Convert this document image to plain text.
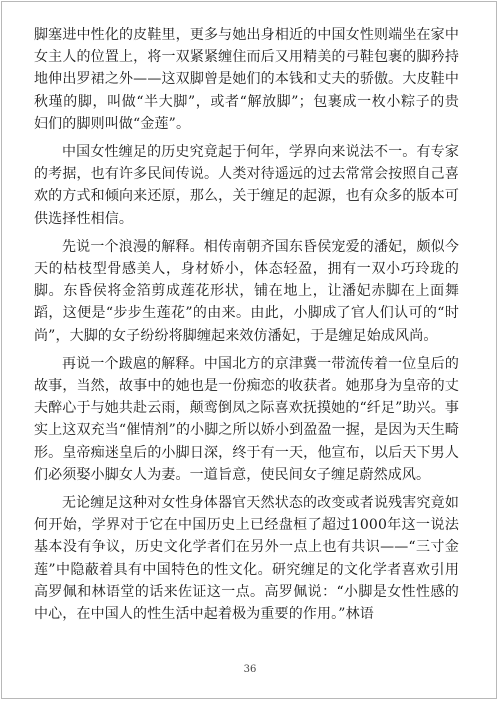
脚塞进中性化的皮鞋里，更多与她出身相近的中国女性则端坐在家中女主人的位置上，将一双紧紧缠住而后又用精美的弓鞋包裹的脚矜持地伸出罗裙之外——这双脚曾是她们的本钱和丈夫的骄傲。大皮鞋中秋瑾的脚，叫做“半大脚”，或者“解放脚”；包裹成一枚小粽子的贵妇们的脚则叫做“金莲”。

中国女性缠足的历史究竟起于何年，学界向来说法不一。有专家的考据，也有许多民间传说。人类对待遥远的过去常常会按照自己喜欢的方式和倾向来还原，那么，关于缠足的起源，也有众多的版本可供选择性相信。

先说一个浪漫的解释。相传南朝齐国东昏侯宠爱的潘妃，颇似今天的枯枝型骨感美人，身材娇小，体态轻盈，拥有一双小巧玲珑的脚。东昏侯将金箔剪成莲花形状，铺在地上，让潘妃赤脚在上面舞蹈，这便是“步步生莲花”的由来。由此，小脚成了官人们认可的“时尚”，大脚的女子纷纷将脚缠起来效仿潘妃，于是缠足始成风尚。

再说一个跋扈的解释。中国北方的京津冀一带流传着一位皇后的故事，当然，故事中的她也是一份痴恋的收获者。她那身为皇帝的丈夫醉心于与她共赴云雨，颠鸾倒凤之际喜欢抚摸她的“纤足”助兴。事实上这双充当“催情剂”的小脚之所以娇小到盈盈一握，是因为天生畸形。皇帝痴迷皇后的小脚日深，终于有一天，他宣布，以后天下男人们必须娶小脚女人为妻。一道旨意，使民间女子缠足蔚然成风。

无论缠足这种对女性身体器官天然状态的改变或者说残害究竟如何开始，学界对于它在中国历史上已经盘桓了超过1000年这一说法基本没有争议，历史文化学者们在另外一点上也有共识——“三寸金莲”中隐蔽着具有中国特色的性文化。研究缠足的文化学者喜欢引用高罗佩和林语堂的话来佐证这一点。高罗佩说：“小脚是女性性感的中心，在中国人的性生活中起着极为重要的作用。”林语

36
